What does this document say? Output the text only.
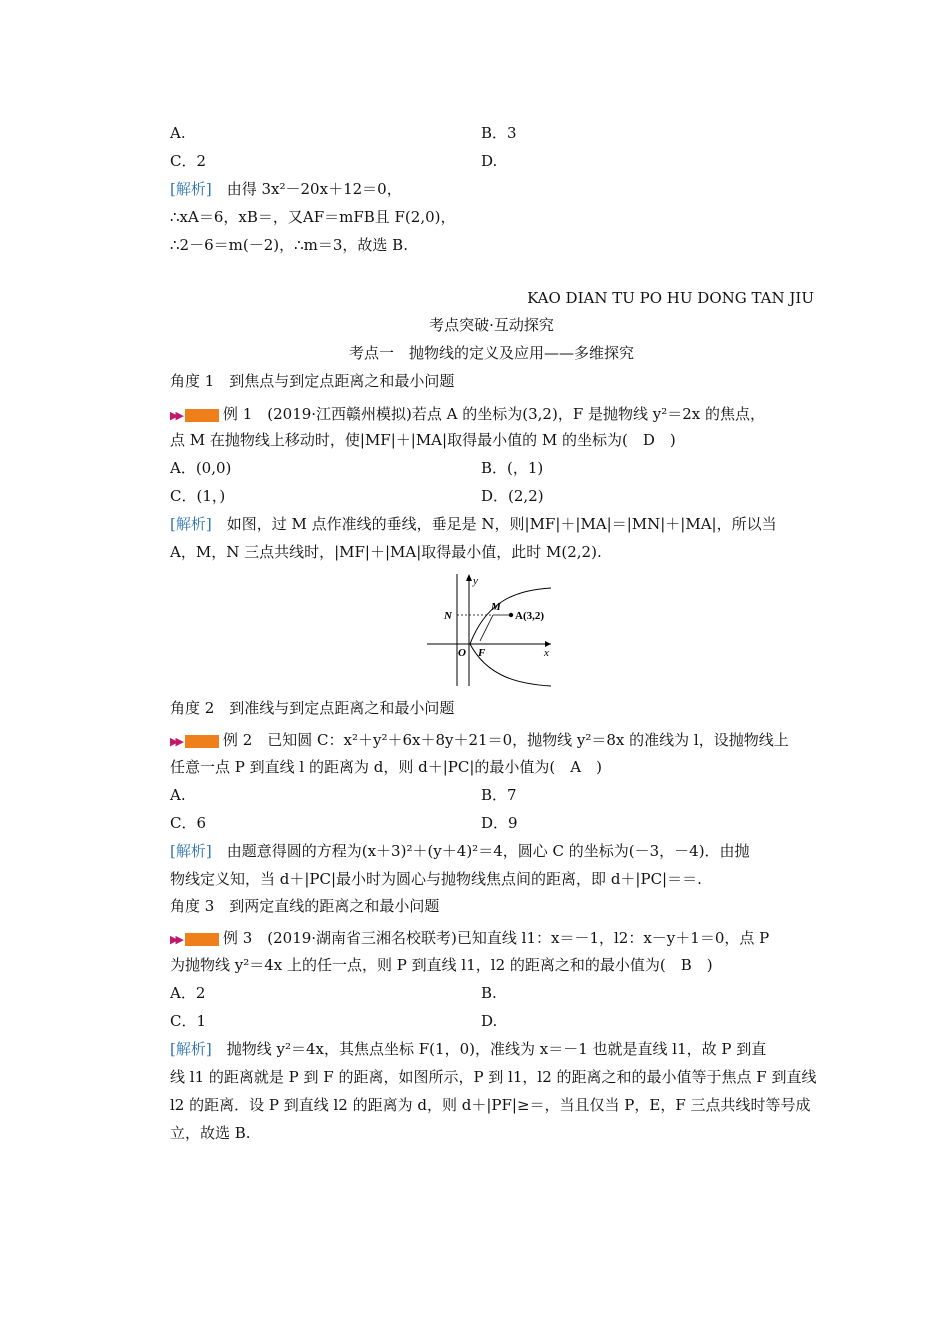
A.	B．3
C．2	D.
[解析]　 由得 3x²－20x＋12＝0，
∴xA＝6，xB＝，又AF＝mFB且 F(2,0)，
∴2－6＝m(－2)，∴m＝3，故选 B.
KAO DIAN TU PO HU DONG TAN JIU
考点突破·互动探究
考点一　抛物线的定义及应用——多维探究
角度 1　到焦点与到定点距离之和最小问题
▶▶	例 1　 (2019·江西赣州模拟)若点 A 的坐标为(3,2)，F 是抛物线 y²＝2x 的焦点，
点 M 在抛物线上移动时，使|MF|＋|MA|取得最小值的 M 的坐标为(　D　)
A．(0,0)	B．(，1)
C．(1，)	D．(2,2)
[解析]　 如图，过 M 点作准线的垂线，垂足是 N，则|MF|＋|MA|＝|MN|＋|MA|，所以当
A，M，N 三点共线时，|MF|＋|MA|取得最小值，此时 M(2,2).
y
x
N
M
A(3,2)
O F
角度 2　到准线与到定点距离之和最小问题
▶▶	例 2　 已知圆 C：x²＋y²＋6x＋8y＋21＝0，抛物线 y²＝8x 的准线为 l，设抛物线上
任意一点 P 到直线 l 的距离为 d，则 d＋|PC|的最小值为(　A　)
A.	B．7
C．6	D．9
[解析]　 由题意得圆的方程为(x＋3)²＋(y＋4)²＝4，圆心 C 的坐标为(－3，－4)．由抛
物线定义知，当 d＋|PC|最小时为圆心与抛物线焦点间的距离，即 d＋|PC|＝＝.
角度 3　到两定直线的距离之和最小问题
▶▶	例 3　 (2019·湖南省三湘名校联考)已知直线 l1：x＝－1，l2：x－y＋1＝0，点 P
为抛物线 y²＝4x 上的任一点，则 P 到直线 l1，l2 的距离之和的最小值为(　B　)
A．2	B.
C．1	D.
[解析]　 抛物线 y²＝4x，其焦点坐标 F(1，0)，准线为 x＝－1 也就是直线 l1，故 P 到直
线 l1 的距离就是 P 到 F 的距离，如图所示，P 到 l1，l2 的距离之和的最小值等于焦点 F 到直线
l2 的距离．设 P 到直线 l2 的距离为 d，则 d＋|PF|≥＝，当且仅当 P，E，F 三点共线时等号成
立，故选 B.
